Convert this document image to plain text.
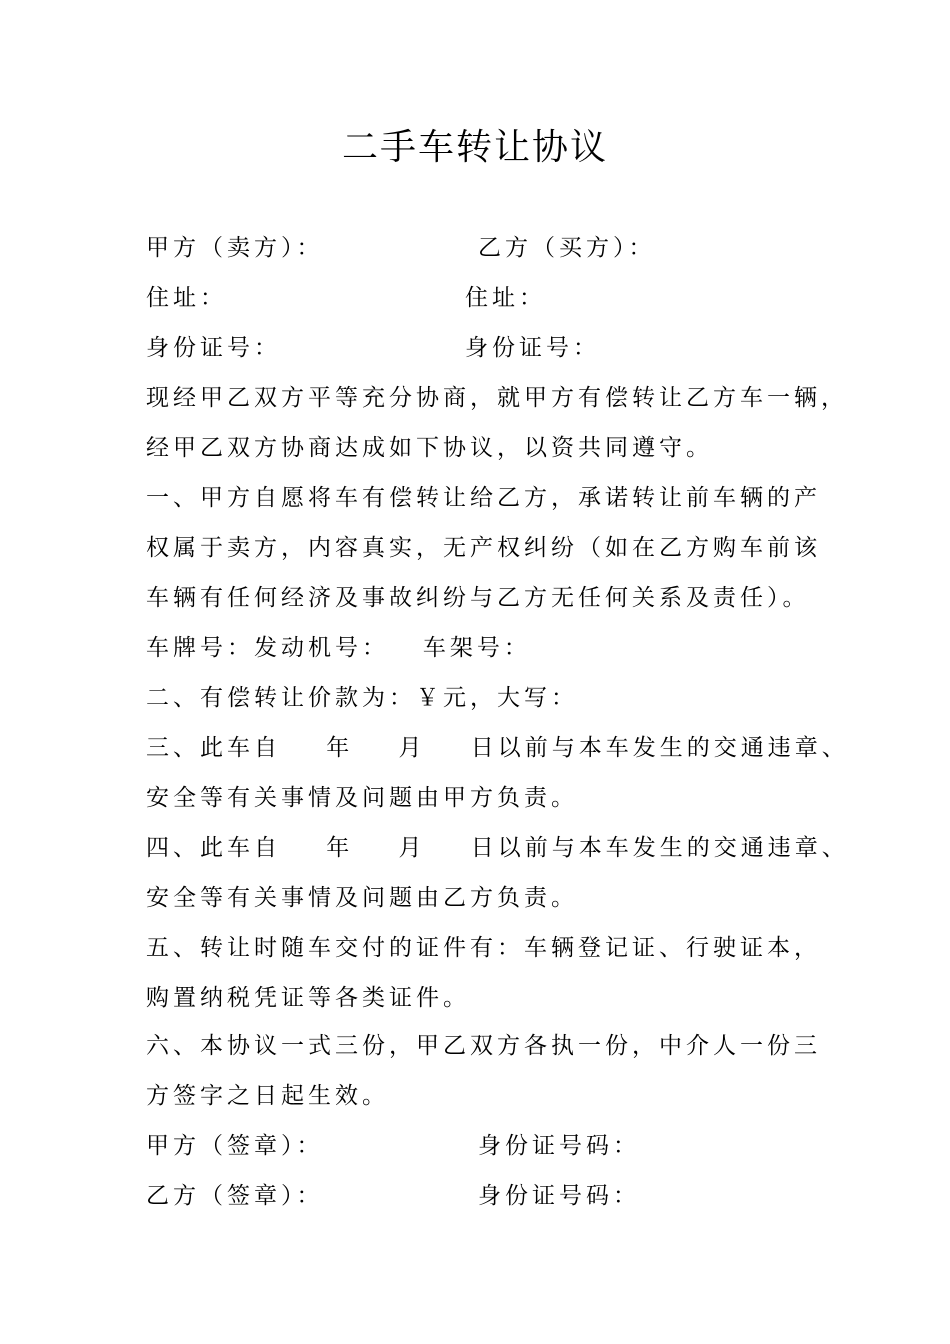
二手车转让协议
甲方（卖方）：	乙方（买方）：
住址：	住址：
身份证号：	身份证号：
现经甲乙双方平等充分协商，就甲方有偿转让乙方车一辆，
经甲乙双方协商达成如下协议，以资共同遵守。
一、甲方自愿将车有偿转让给乙方，承诺转让前车辆的产
权属于卖方，内容真实，无产权纠纷（如在乙方购车前该
车辆有任何经济及事故纠纷与乙方无任何关系及责任）。
车牌号：发动机号：   车架号：
二、有偿转让价款为：￥元，大写：
三、此车自    年    月    日以前与本车发生的交通违章、
安全等有关事情及问题由甲方负责。
四、此车自    年    月    日以前与本车发生的交通违章、
安全等有关事情及问题由乙方负责。
五、转让时随车交付的证件有：车辆登记证、行驶证本，
购置纳税凭证等各类证件。
六、本协议一式三份，甲乙双方各执一份，中介人一份三
方签字之日起生效。
甲方（签章）：	身份证号码：
乙方（签章）：	身份证号码：
